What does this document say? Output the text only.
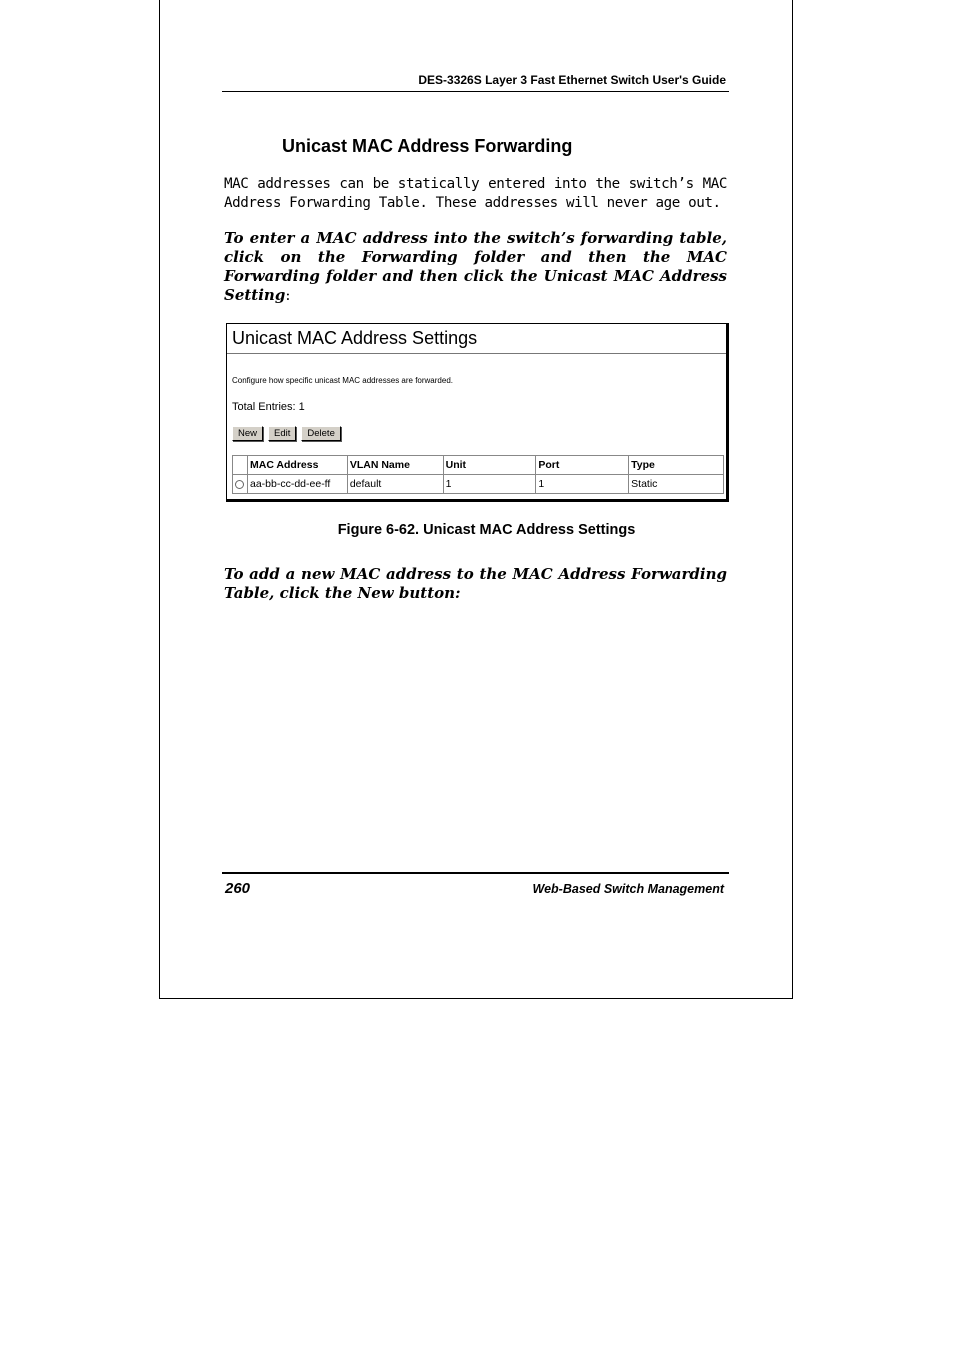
DES-3326S Layer 3 Fast Ethernet Switch User's Guide
Unicast MAC Address Forwarding
MAC addresses can be statically entered into the switch’s MAC Address Forwarding Table. These addresses will never age out.
To enter a MAC address into the switch’s forwarding table, click on the Forwarding folder and then the MAC Forwarding folder and then click the Unicast MAC Address Setting:
Unicast MAC Address Settings
Configure how specific unicast MAC addresses are forwarded.
Total Entries: 1
New	Edit	Delete
	MAC Address	VLAN Name	Unit	Port	Type
	aa-bb-cc-dd-ee-ff	default	1	1	Static
Figure 6-62. Unicast MAC Address Settings
To add a new MAC address to the MAC Address Forwarding Table, click the New button:
260	Web-Based Switch Management
